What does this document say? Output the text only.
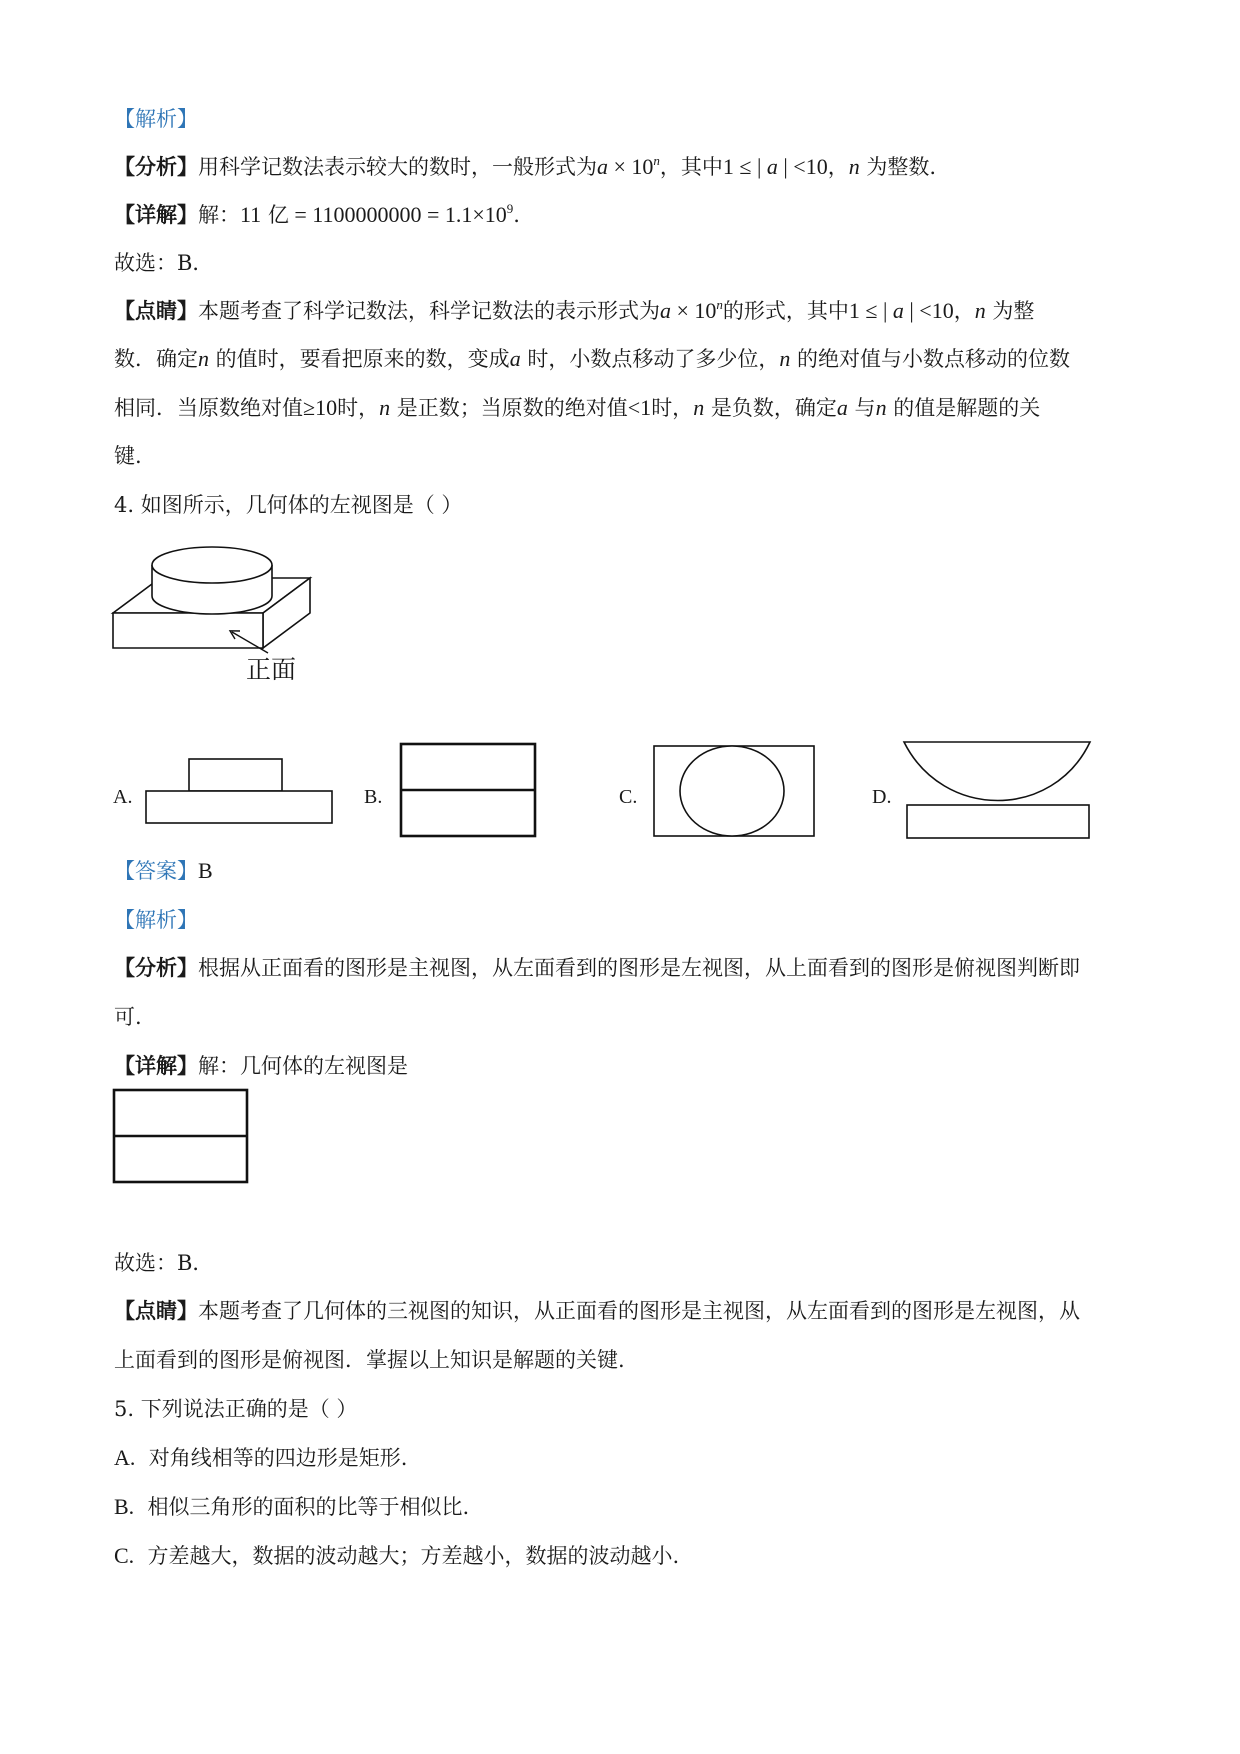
【解析】
【分析】用科学记数法表示较大的数时，一般形式为$a \times 10^n$，其中1 ≤ | a | <10，n 为整数.
【详解】解：11 亿 = $1100000000 = 1.1\times 10^9$.
故选：B．
【点睛】本题考查了科学记数法，科学记数法的表示形式为$a \times 10^n$的形式，其中1 ≤ | a | <10，n 为整
数．确定n 的值时，要看把原来的数，变成a 时，小数点移动了多少位，n 的绝对值与小数点移动的位数
相同．当原数绝对值≥10时，n 是正数；当原数的绝对值<1时，n 是负数，确定a 与n 的值是解题的关
键.
4. 如图所示，几何体的左视图是（ ）
正面
A.	B.	C.	D.
【答案】B
【解析】
【分析】根据从正面看的图形是主视图，从左面看到的图形是左视图，从上面看到的图形是俯视图判断即
可.
【详解】解：几何体的左视图是
故选：B．
【点睛】本题考查了几何体的三视图的知识，从正面看的图形是主视图，从左面看到的图形是左视图，从
上面看到的图形是俯视图．掌握以上知识是解题的关键.
5. 下列说法正确的是（ ）
A. 对角线相等的四边形是矩形.
B. 相似三角形的面积的比等于相似比.
C. 方差越大，数据的波动越大；方差越小，数据的波动越小.
